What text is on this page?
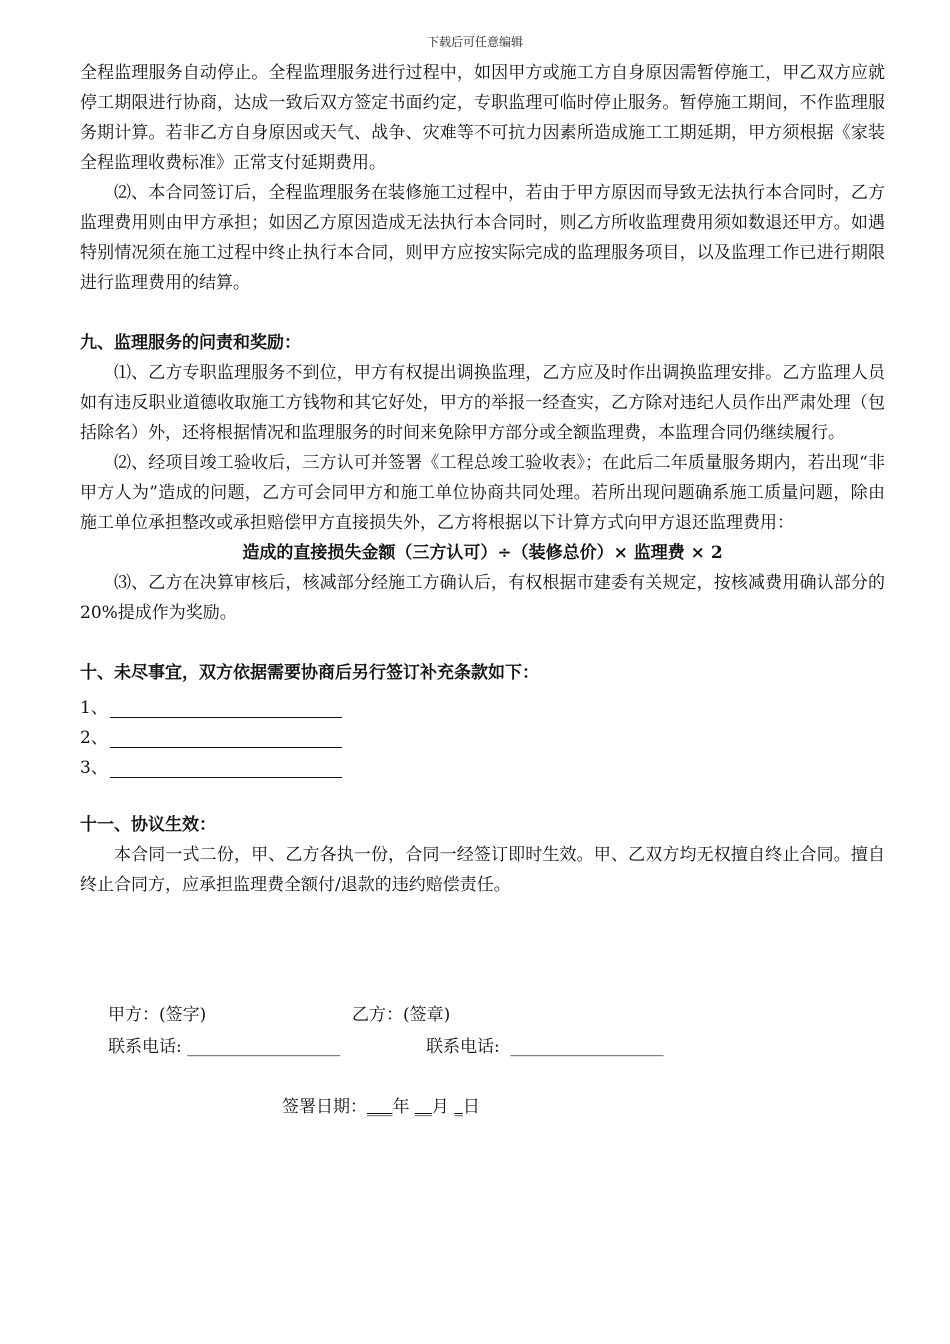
下载后可任意编辑

全程监理服务自动停止。全程监理服务进行过程中，如因甲方或施工方自身原因需暂停施工，甲乙双方应就停工期限进行协商，达成一致后双方签定书面约定，专职监理可临时停止服务。暂停施工期间，不作监理服务期计算。若非乙方自身原因或天气、战争、灾难等不可抗力因素所造成施工工期延期，甲方须根据《家装全程监理收费标准》正常支付延期费用。

⑵、本合同签订后，全程监理服务在装修施工过程中，若由于甲方原因而导致无法执行本合同时，乙方监理费用则由甲方承担；如因乙方原因造成无法执行本合同时，则乙方所收监理费用须如数退还甲方。如遇特别情况须在施工过程中终止执行本合同，则甲方应按实际完成的监理服务项目，以及监理工作已进行期限进行监理费用的结算。

九、监理服务的问责和奖励：

⑴、乙方专职监理服务不到位，甲方有权提出调换监理，乙方应及时作出调换监理安排。乙方监理人员如有违反职业道德收取施工方钱物和其它好处，甲方的举报一经查实，乙方除对违纪人员作出严肃处理（包括除名）外，还将根据情况和监理服务的时间来免除甲方部分或全额监理费，本监理合同仍继续履行。

⑵、经项目竣工验收后，三方认可并签署《工程总竣工验收表》；在此后二年质量服务期内，若出现“非甲方人为”造成的问题，乙方可会同甲方和施工单位协商共同处理。若所出现问题确系施工质量问题，除由施工单位承担整改或承担赔偿甲方直接损失外，乙方将根据以下计算方式向甲方退还监理费用：

造成的直接损失金额（三方认可）÷（装修总价）× 监理费 × 2

⑶、乙方在决算审核后，核减部分经施工方确认后，有权根据市建委有关规定，按核减费用确认部分的 20%提成作为奖励。

十、未尽事宜，双方依据需要协商后另行签订补充条款如下：

1、
2、
3、

十一、协议生效：

本合同一式二份，甲、乙方各执一份，合同一经签订即时生效。甲、乙双方均无权擅自终止合同。擅自终止合同方，应承担监理费全额付/退款的违约赔偿责任。

甲方：(签字)	乙方：(签章)
联系电话: __________________	联系电话:  __________________
签署日期：___年 __月 _日
